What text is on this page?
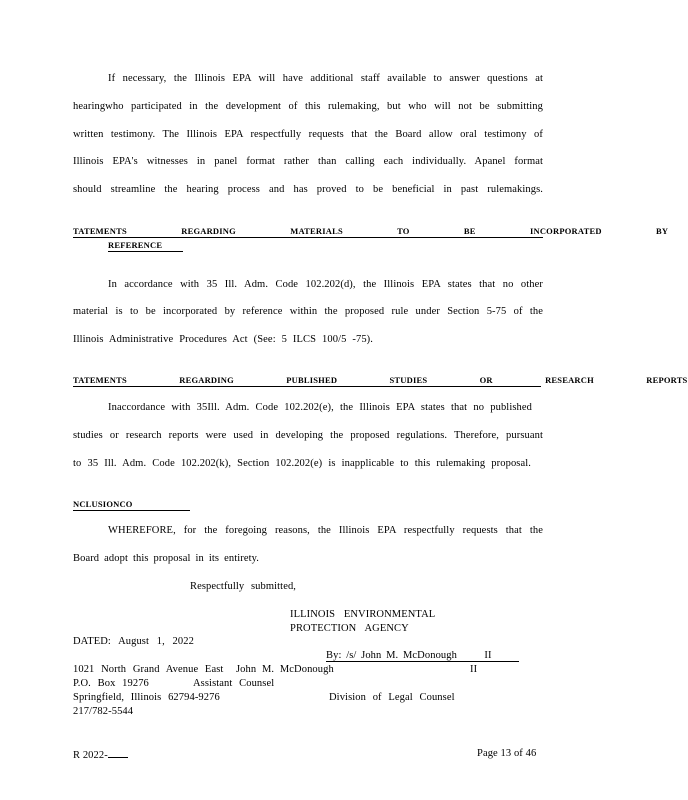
If necessary, the Illinois EPA will have additional staff available to answer questions at
hearingwho participated in the development of this rulemaking, but who will not be submitting
written testimony. The Illinois EPA respectfully requests that the Board allow oral testimony of
Illinois EPA's witnesses in panel format rather than calling each individually. Apanel format
should streamline the hearing process and has proved to be beneficial in past rulemakings.
TATEMENTS REGARDING MATERIALS TO BE INCORPORATED BY
REFERENCE
In accordance with 35 Ill. Adm. Code 102.202(d), the Illinois EPA states that no other
material is to be incorporated by reference within the proposed rule under Section 5-75 of the
Illinois Administrative Procedures Act (See: 5 ILCS 100/5 -75).
TATEMENTS REGARDING PUBLISHED STUDIES OR RESEARCH REPORTS
Inaccordance with 35Ill. Adm. Code 102.202(e), the Illinois EPA states that no published
studies or research reports were used in developing the proposed regulations. Therefore, pursuant
to 35 Ill. Adm. Code 102.202(k), Section 102.202(e) is inapplicable to this rulemaking proposal.
NCLUSIONCO
WHEREFORE, for the foregoing reasons, the Illinois EPA respectfully requests that the
Board adopt this proposal in its entirety.
Respectfully submitted,
ILLINOIS ENVIRONMENTAL
PROTECTION AGENCY
DATED: August 1, 2022
By: /s/ John M. McDonough	II
II
1021 North Grand Avenue East John M. McDonough
P.O. Box 19276	Assistant Counsel
Springfield, Illinois 62794-9276	Division of Legal Counsel
217/782-5544
R 2022-	Page 13 of 46
